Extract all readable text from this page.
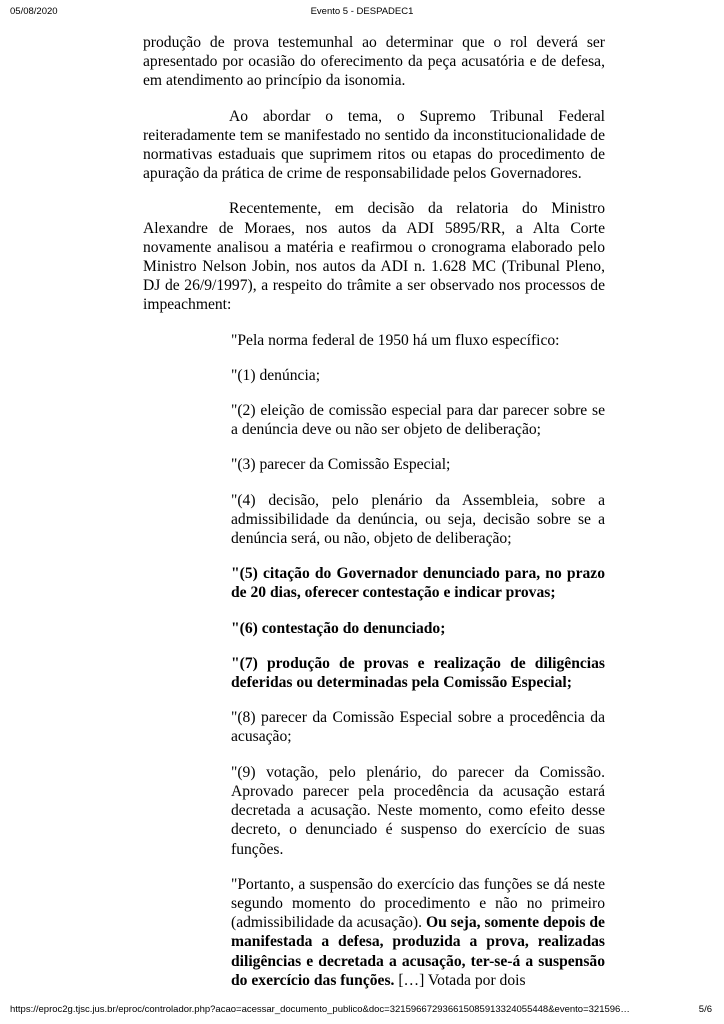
05/08/2020	Evento 5 - DESPADEC1

produção de prova testemunhal ao determinar que o rol deverá ser apresentado por ocasião do oferecimento da peça acusatória e de defesa, em atendimento ao princípio da isonomia.

Ao abordar o tema, o Supremo Tribunal Federal reiteradamente tem se manifestado no sentido da inconstitucionalidade de normativas estaduais que suprimem ritos ou etapas do procedimento de apuração da prática de crime de responsabilidade pelos Governadores.

Recentemente, em decisão da relatoria do Ministro Alexandre de Moraes, nos autos da ADI 5895/RR, a Alta Corte novamente analisou a matéria e reafirmou o cronograma elaborado pelo Ministro Nelson Jobin, nos autos da ADI n. 1.628 MC (Tribunal Pleno, DJ de 26/9/1997), a respeito do trâmite a ser observado nos processos de impeachment:

"Pela norma federal de 1950 há um fluxo específico:

"(1) denúncia;

"(2) eleição de comissão especial para dar parecer sobre se a denúncia deve ou não ser objeto de deliberação;

"(3) parecer da Comissão Especial;

"(4) decisão, pelo plenário da Assembleia, sobre a admissibilidade da denúncia, ou seja, decisão sobre se a denúncia será, ou não, objeto de deliberação;

"(5) citação do Governador denunciado para, no prazo de 20 dias, oferecer contestação e indicar provas;

"(6) contestação do denunciado;

"(7) produção de provas e realização de diligências deferidas ou determinadas pela Comissão Especial;

"(8) parecer da Comissão Especial sobre a procedência da acusação;

"(9) votação, pelo plenário, do parecer da Comissão. Aprovado parecer pela procedência da acusação estará decretada a acusação. Neste momento, como efeito desse decreto, o denunciado é suspenso do exercício de suas funções.

"Portanto, a suspensão do exercício das funções se dá neste segundo momento do procedimento e não no primeiro (admissibilidade da acusação). Ou seja, somente depois de manifestada a defesa, produzida a prova, realizadas diligências e decretada a acusação, ter-se-á a suspensão do exercício das funções. […] Votada por dois

https://eproc2g.tjsc.jus.br/eproc/controlador.php?acao=acessar_documento_publico&doc=321596672936615085913324055448&evento=321596…	5/6
